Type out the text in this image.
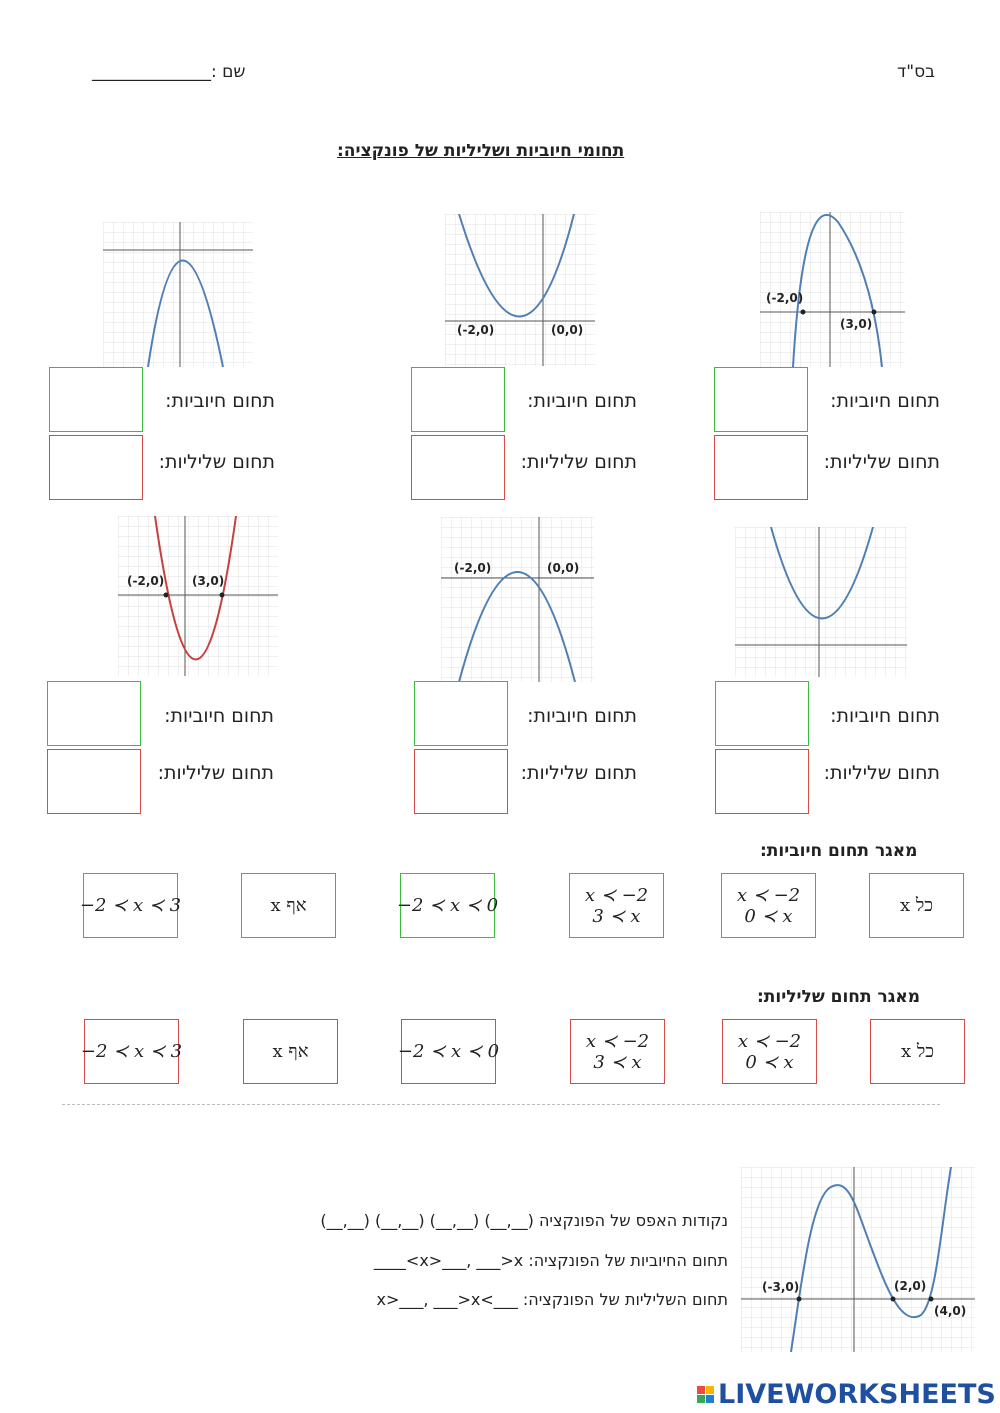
בס"ד
שם :______________
תחומי חיוביות ושליליות של פונקציה:
(-2,0)
(3,0)
(-2,0)	(0,0)
תחום חיוביות:
תחום שליליות:
תחום חיוביות:
תחום שליליות:
תחום חיוביות:
תחום שליליות:
(-2,0)	(0,0)
(-2,0) (3,0)
תחום חיוביות:
תחום שליליות:
תחום חיוביות:
תחום שליליות:
תחום חיוביות:
תחום שליליות:
מאגר תחום חיוביות:
כל x
x ≺ −2
0 ≺ x
x ≺ −2
3 ≺ x
−2 ≺ x ≺ 0
אף x
−2 ≺ x ≺ 3
מאגר תחום שליליות:
כל x
x ≺ −2
0 ≺ x
x ≺ −2
3 ≺ x
−2 ≺ x ≺ 0
אף x
−2 ≺ x ≺ 3
(-3,0)	(2,0)
(4,0)
נקודות האפס של הפונקציה (__,__) (__,__) (__,__) (__,__)
תחום החיוביות של הפונקציה: x>___, ___>x>____
תחום השליליות של הפונקציה: ___>x>___, ___>x
LIVEWORKSHEETS
